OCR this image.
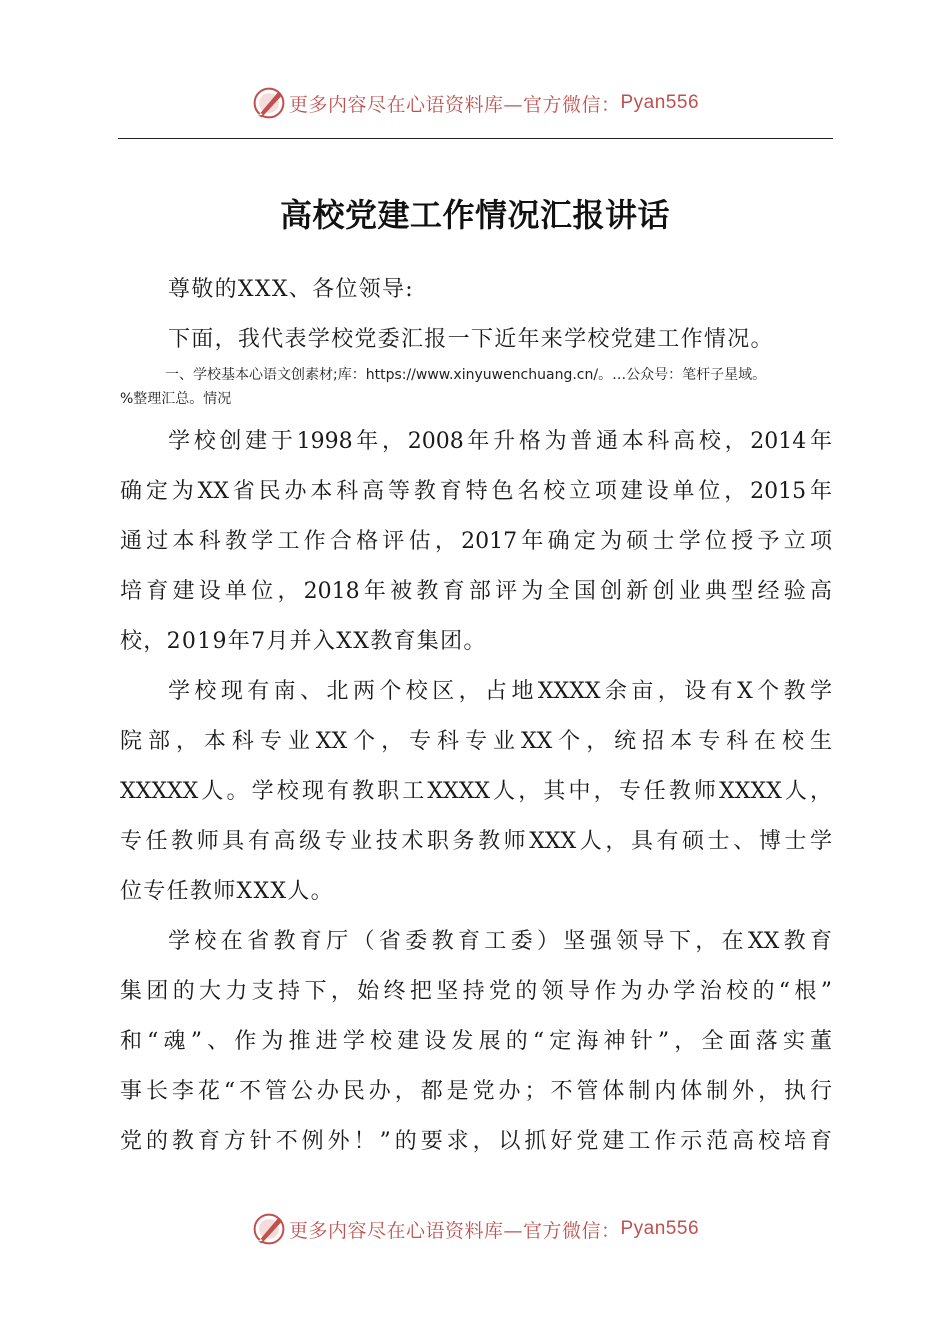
更多内容尽在心语资料库— 官方微信： Pyan556
高校党建工作情况汇报讲话
尊敬的XXX、各位领导:
下面，我代表学校党委汇报一下近年来学校党建工作情况。
一、学校基本心语文创素材;库：https://www.xinyuwenchuang.cn/。…公众号：笔杆子星域。
%整理汇总。情况
学校创建于1998年，2008年升格为普通本科高校，2014年
确定为XX省民办本科高等教育特色名校立项建设单位，2015年
通过本科教学工作合格评估，2017年确定为硕士学位授予立项
培育建设单位，2018年被教育部评为全国创新创业典型经验高
校，2019年7月并入XX教育集团。
学校现有南、北两个校区，占地XXXX余亩，设有X个教学
院部，本科专业XX个，专科专业XX个，统招本专科在校生
XXXXX人。学校现有教职工XXXX人，其中，专任教师XXXX人，
专任教师具有高级专业技术职务教师XXX人，具有硕士、博士学
位专任教师XXX人。
学校在省教育厅（省委教育工委）坚强领导下，在XX教育
集团的大力支持下，始终把坚持党的领导作为办学治校的“根”
和“魂”、作为推进学校建设发展的“定海神针”，全面落实董
事长李花“不管公办民办，都是党办；不管体制内体制外，执行
党的教育方针不例外！”的要求，以抓好党建工作示范高校培育
更多内容尽在心语资料库— 官方微信： Pyan556
